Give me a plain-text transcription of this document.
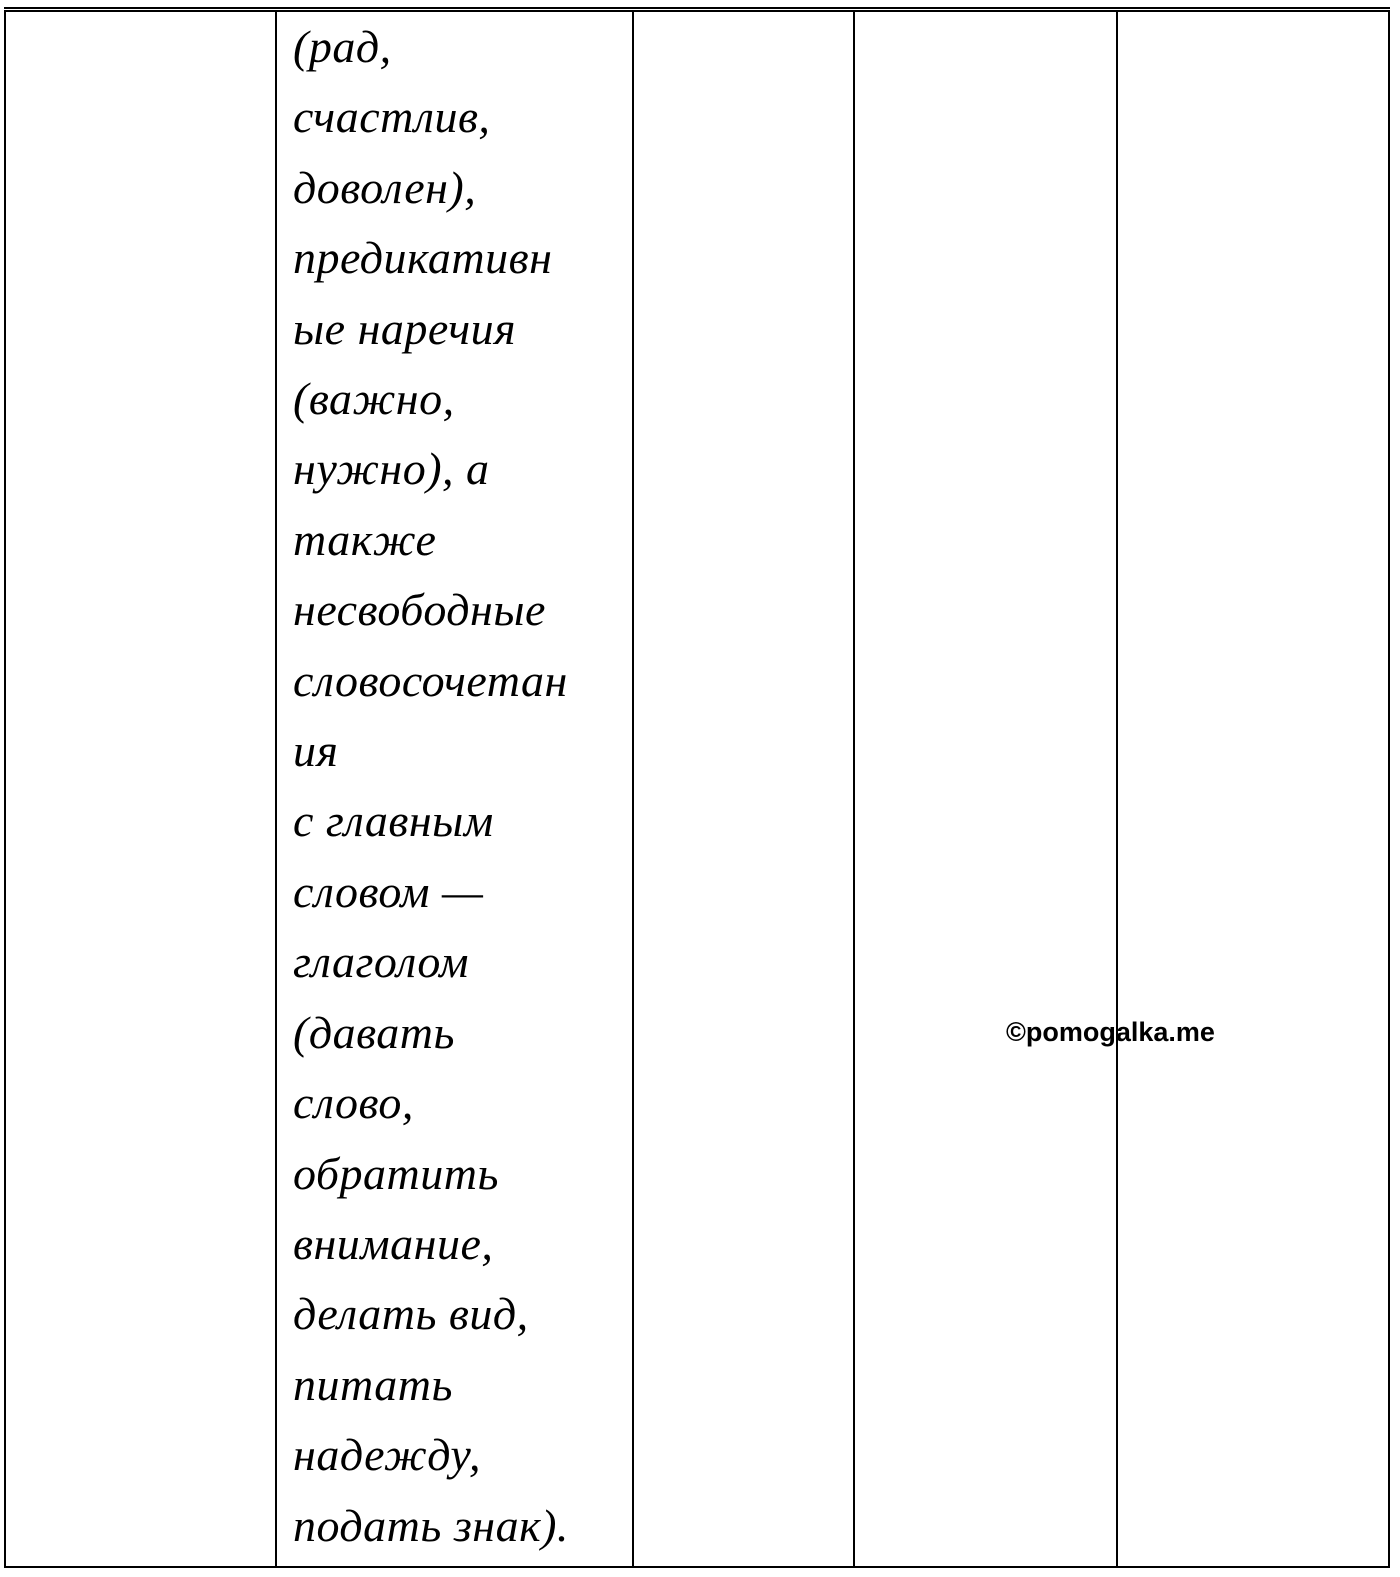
(рад,
счастлив,
доволен),
предикативн
ые наречия
(важно,
нужно), а
также
несвободные
словосочетан
ия
с главным
словом —
глаголом
(давать
слово,
обратить
внимание,
делать вид,
питать
надежду,
подать знак).
©pomogalka.me
